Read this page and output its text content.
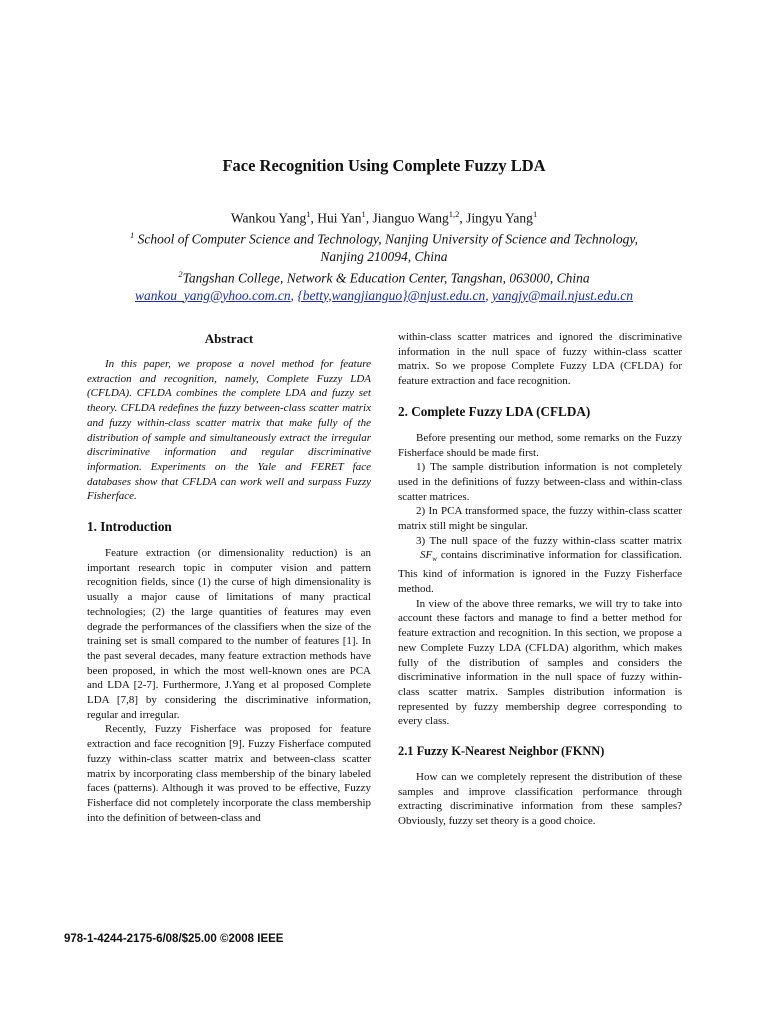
Face Recognition Using Complete Fuzzy LDA
Wankou Yang$^1$, Hui Yan$^1$, Jianguo Wang$^{1,2}$, Jingyu Yang$^1$
$^1$ School of Computer Science and Technology, Nanjing University of Science and Technology,
Nanjing 210094, China
$^2$Tangshan College, Network & Education Center, Tangshan, 063000, China
wankou_yang@yhoo.com.cn, {betty,wangjianguo}@njust.edu.cn, yangjy@mail.njust.edu.cn
Abstract

In this paper, we propose a novel method for feature extraction and recognition, namely, Complete Fuzzy LDA (CFLDA). CFLDA combines the complete LDA and fuzzy set theory. CFLDA redefines the fuzzy between-class scatter matrix and fuzzy within-class scatter matrix that make fully of the distribution of sample and simultaneously extract the irregular discriminative information and regular discriminative information. Experiments on the Yale and FERET face databases show that CFLDA can work well and surpass Fuzzy Fisherface.

1. Introduction

Feature extraction (or dimensionality reduction) is an important research topic in computer vision and pattern recognition fields, since (1) the curse of high dimensionality is usually a major cause of limitations of many practical technologies; (2) the large quantities of features may even degrade the performances of the classifiers when the size of the training set is small compared to the number of features [1]. In the past several decades, many feature extraction methods have been proposed, in which the most well-known ones are PCA and LDA [2-7]. Furthermore, J.Yang et al proposed Complete LDA [7,8] by considering the discriminative information, regular and irregular.

Recently, Fuzzy Fisherface was proposed for feature extraction and face recognition [9]. Fuzzy Fisherface computed fuzzy within-class scatter matrix and between-class scatter matrix by incorporating class membership of the binary labeled faces (patterns). Although it was proved to be effective, Fuzzy Fisherface did not completely incorporate the class membership into the definition of between-class and

within-class scatter matrices and ignored the discriminative information in the null space of fuzzy within-class scatter matrix. So we propose Complete Fuzzy LDA (CFLDA) for feature extraction and face recognition.

2. Complete Fuzzy LDA (CFLDA)

Before presenting our method, some remarks on the Fuzzy Fisherface should be made first.

1) The sample distribution information is not completely used in the definitions of fuzzy between-class and within-class scatter matrices.

2) In PCA transformed space, the fuzzy within-class scatter matrix still might be singular.

3) The null space of the fuzzy within-class scatter matrixSF$_w$ contains discriminative information for classification. This kind of information is ignored in the Fuzzy Fisherface method.

In view of the above three remarks, we will try to take into account these factors and manage to find a better method for feature extraction and recognition. In this section, we propose a new Complete Fuzzy LDA (CFLDA) algorithm, which makes fully of the distribution of samples and considers the discriminative information in the null space of fuzzy within-class scatter matrix. Samples distribution information is represented by fuzzy membership degree corresponding to every class.

2.1 Fuzzy K-Nearest Neighbor (FKNN)

How can we completely represent the distribution of these samples and improve classification performance through extracting discriminative information from these samples? Obviously, fuzzy set theory is a good choice.

978-1-4244-2175-6/08/$25.00 ©2008 IEEE
